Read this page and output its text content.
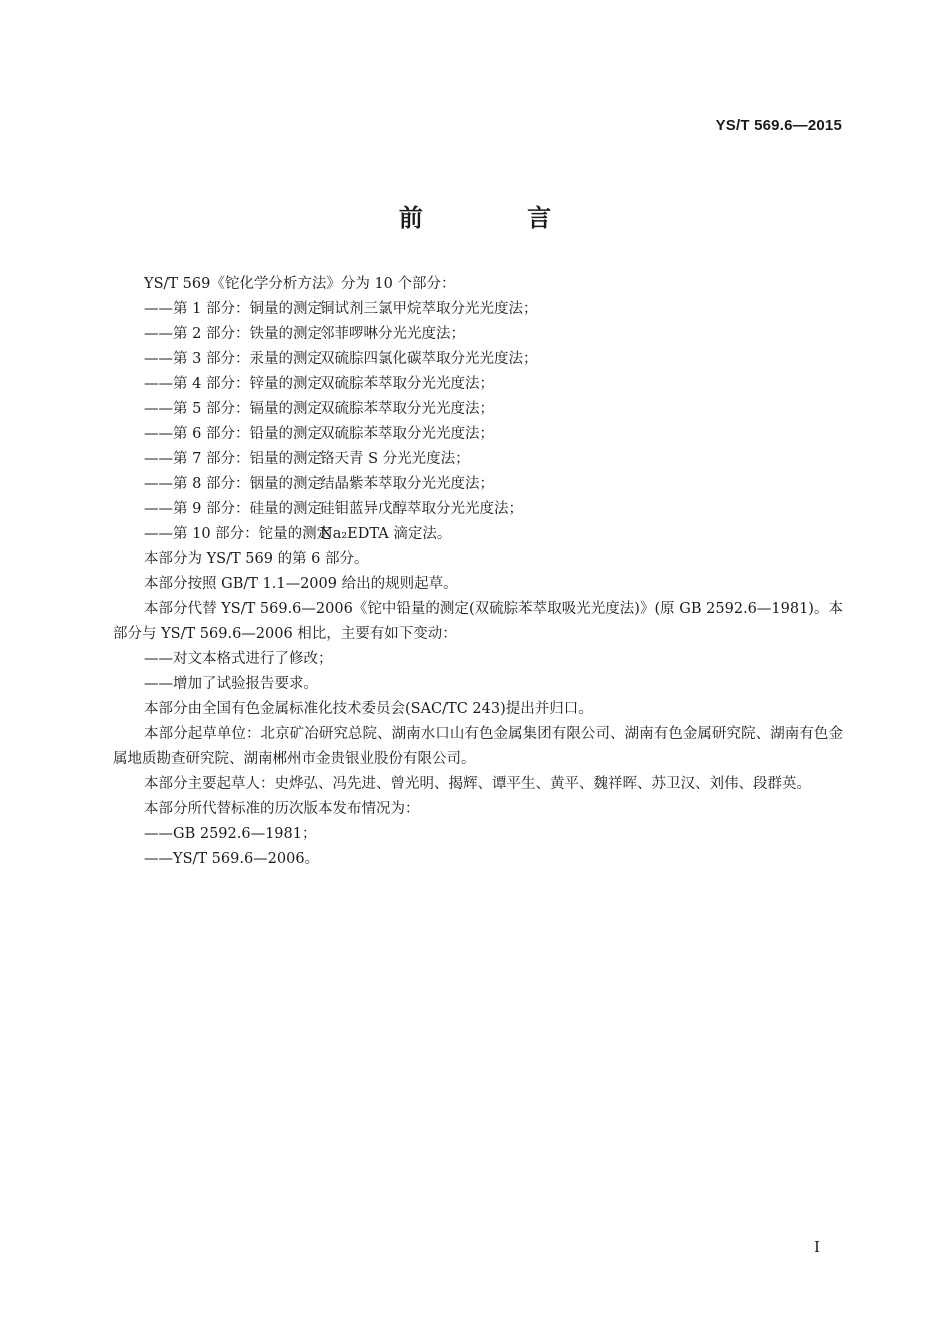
YS/T 569.6—2015
前 言
YS/T 569《铊化学分析方法》分为 10 个部分：
——第 1 部分：铜量的测定铜试剂三氯甲烷萃取分光光度法；
——第 2 部分：铁量的测定邻菲啰啉分光光度法；
——第 3 部分：汞量的测定双硫腙四氯化碳萃取分光光度法；
——第 4 部分：锌量的测定双硫腙苯萃取分光光度法；
——第 5 部分：镉量的测定双硫腙苯萃取分光光度法；
——第 6 部分：铅量的测定双硫腙苯萃取分光光度法；
——第 7 部分：铝量的测定铬天青 S 分光光度法；
——第 8 部分：铟量的测定结晶紫苯萃取分光光度法；
——第 9 部分：硅量的测定硅钼蓝异戊醇萃取分光光度法；
——第 10 部分：铊量的测定Na₂EDTA 滴定法。
本部分为 YS/T 569 的第 6 部分。
本部分按照 GB/T 1.1—2009 给出的规则起草。
本部分代替 YS/T 569.6—2006《铊中铅量的测定(双硫腙苯萃取吸光光度法)》(原 GB 2592.6—1981)。本部分与 YS/T 569.6—2006 相比，主要有如下变动：
——对文本格式进行了修改；
——增加了试验报告要求。
本部分由全国有色金属标准化技术委员会(SAC/TC 243)提出并归口。
本部分起草单位：北京矿冶研究总院、湖南水口山有色金属集团有限公司、湖南有色金属研究院、湖南有色金属地质勘查研究院、湖南郴州市金贵银业股份有限公司。
本部分主要起草人：史烨弘、冯先进、曾光明、揭辉、谭平生、黄平、魏祥晖、苏卫汉、刘伟、段群英。
本部分所代替标准的历次版本发布情况为：
——GB 2592.6—1981；
——YS/T 569.6—2006。
I
